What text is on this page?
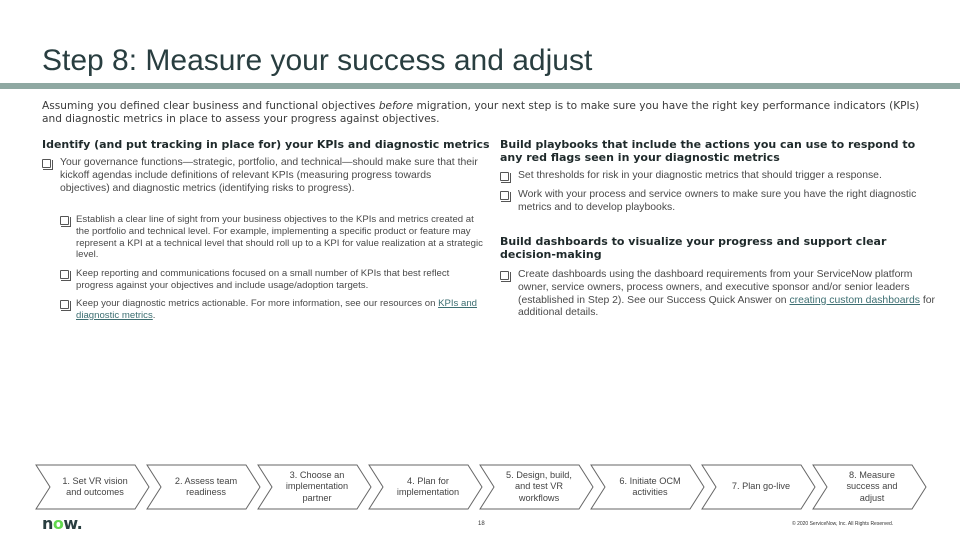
Step 8: Measure your success and adjust
Assuming you defined clear business and functional objectives before migration, your next step is to make sure you have the right key performance indicators (KPIs) and diagnostic metrics in place to assess your progress against objectives.
Identify (and put tracking in place for) your KPIs and diagnostic metrics
Your governance functions—strategic, portfolio, and technical—should make sure that their kickoff agendas include definitions of relevant KPIs (measuring progress towards objectives) and diagnostic metrics (identifying risks to progress).
Establish a clear line of sight from your business objectives to the KPIs and metrics created at the portfolio and technical level. For example, implementing a specific product or feature may represent a KPI at a technical level that should roll up to a KPI for value realization at a strategic level.
Keep reporting and communications focused on a small number of KPIs that best reflect progress against your objectives and include usage/adoption targets.
Keep your diagnostic metrics actionable. For more information, see our resources on KPIs and diagnostic metrics.
Build playbooks that include the actions you can use to respond to any red flags seen in your diagnostic metrics
Set thresholds for risk in your diagnostic metrics that should trigger a response.
Work with your process and service owners to make sure you have the right diagnostic metrics and to develop playbooks.
Build dashboards to visualize your progress and support clear decision-making
Create dashboards using the dashboard requirements from your ServiceNow platform owner, service owners, process owners, and executive sponsor and/or senior leaders (established in Step 2). See our Success Quick Answer on creating custom dashboards for additional details.
1. Set VR vision and outcomes
2. Assess team readiness
3. Choose an implementation partner
4. Plan for implementation
5. Design, build, and test VR workflows
6. Initiate OCM activities
7. Plan go-live
8. Measure success and adjust
now.	18	© 2020 ServiceNow, Inc. All Rights Reserved.
